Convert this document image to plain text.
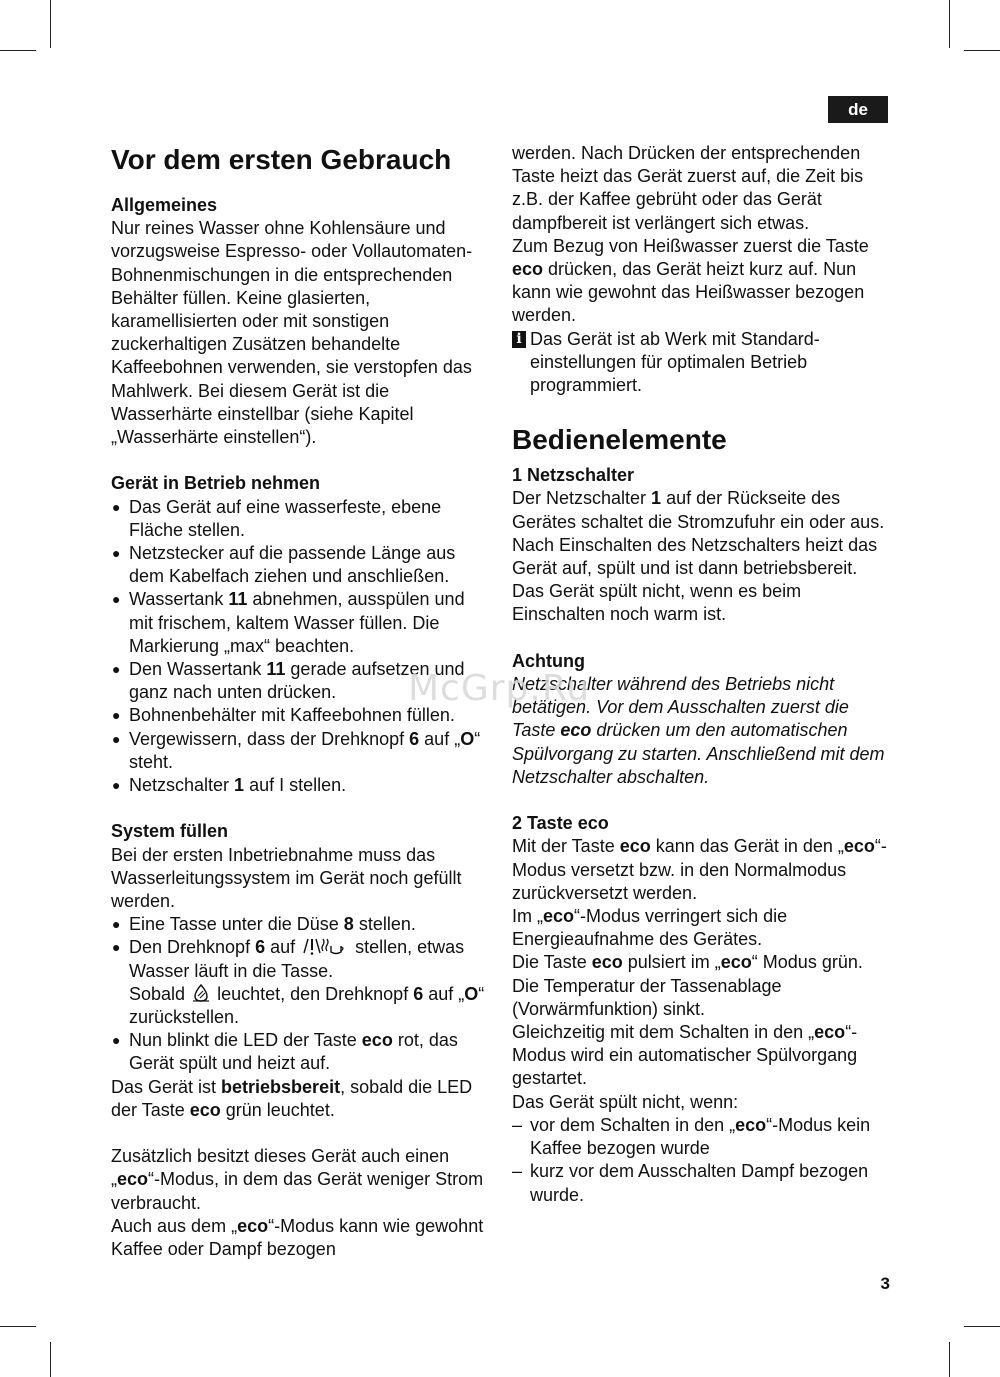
de
Vor dem ersten Gebrauch
Allgemeines

Nur reines Wasser ohne Kohlensäure und vorzugsweise Espresso- oder Vollautomaten-Bohnenmischungen in die entsprechenden Behälter füllen. Keine glasierten, karamellisierten oder mit sonstigen zuckerhaltigen Zusätzen behandelte Kaffeebohnen verwenden, sie verstopfen das Mahlwerk. Bei diesem Gerät ist die Wasserhärte einstellbar (siehe Kapitel „Wasserhärte einstellen“).

Gerät in Betrieb nehmen
● Das Gerät auf eine wasserfeste, ebene Fläche stellen.
● Netzstecker auf die passende Länge aus dem Kabelfach ziehen und anschließen.
● Wassertank 11 abnehmen, ausspülen und mit frischem, kaltem Wasser füllen. Die Markierung „max“ beachten.
● Den Wassertank 11 gerade aufsetzen und ganz nach unten drücken.
● Bohnenbehälter mit Kaffeebohnen füllen.
● Vergewissern, dass der Drehknopf 6 auf „O“ steht.
● Netzschalter 1 auf I stellen.
System füllen

Bei der ersten Inbetriebnahme muss das Wasserleitungssystem im Gerät noch gefüllt werden.

● Eine Tasse unter die Düse 8 stellen.
● Den Drehknopf 6 auf	stellen, etwas Wasser läuft in die Tasse.
Sobald  leuchtet, den Drehknopf 6 auf „O“ zurückstellen.
● Nun blinkt die LED der Taste eco rot, das Gerät spült und heizt auf.

Das Gerät ist betriebsbereit, sobald die LED der Taste eco grün leuchtet.

Zusätzlich besitzt dieses Gerät auch einen „eco“-Modus, in dem das Gerät weniger Strom verbraucht.

Auch aus dem „eco“-Modus kann wie gewohnt Kaffee oder Dampf bezogen

werden. Nach Drücken der entsprechenden Taste heizt das Gerät zuerst auf, die Zeit bis z.B. der Kaffee gebrüht oder das Gerät dampfbereit ist verlängert sich etwas.

Zum Bezug von Heißwasser zuerst die Taste eco drücken, das Gerät heizt kurz auf. Nun kann wie gewohnt das Heißwasser bezogen werden.

i Das Gerät ist ab Werk mit Standardeinstellungen für optimalen Betrieb programmiert.
Bedienelemente
1 Netzschalter

Der Netzschalter 1 auf der Rückseite des Gerätes schaltet die Stromzufuhr ein oder aus.

Nach Einschalten des Netzschalters heizt das Gerät auf, spült und ist dann betriebsbereit.

Das Gerät spült nicht, wenn es beim Einschalten noch warm ist.

Achtung

Netzschalter während des Betriebs nicht betätigen. Vor dem Ausschalten zuerst die Taste eco drücken um den automatischen Spülvorgang zu starten. Anschließend mit dem Netzschalter abschalten.

2 Taste eco

Mit der Taste eco kann das Gerät in den „eco“-Modus versetzt bzw. in den Normalmodus zurückversetzt werden.

Im „eco“-Modus verringert sich die Energieaufnahme des Gerätes.

Die Taste eco pulsiert im „eco“ Modus grün. Die Temperatur der Tassenablage (Vorwärmfunktion) sinkt.

Gleichzeitig mit dem Schalten in den „eco“-Modus wird ein automatischer Spülvorgang gestartet.

Das Gerät spült nicht, wenn:

– vor dem Schalten in den „eco“-Modus kein Kaffee bezogen wurde
– kurz vor dem Ausschalten Dampf bezogen wurde.
McGrp.Ru
3
